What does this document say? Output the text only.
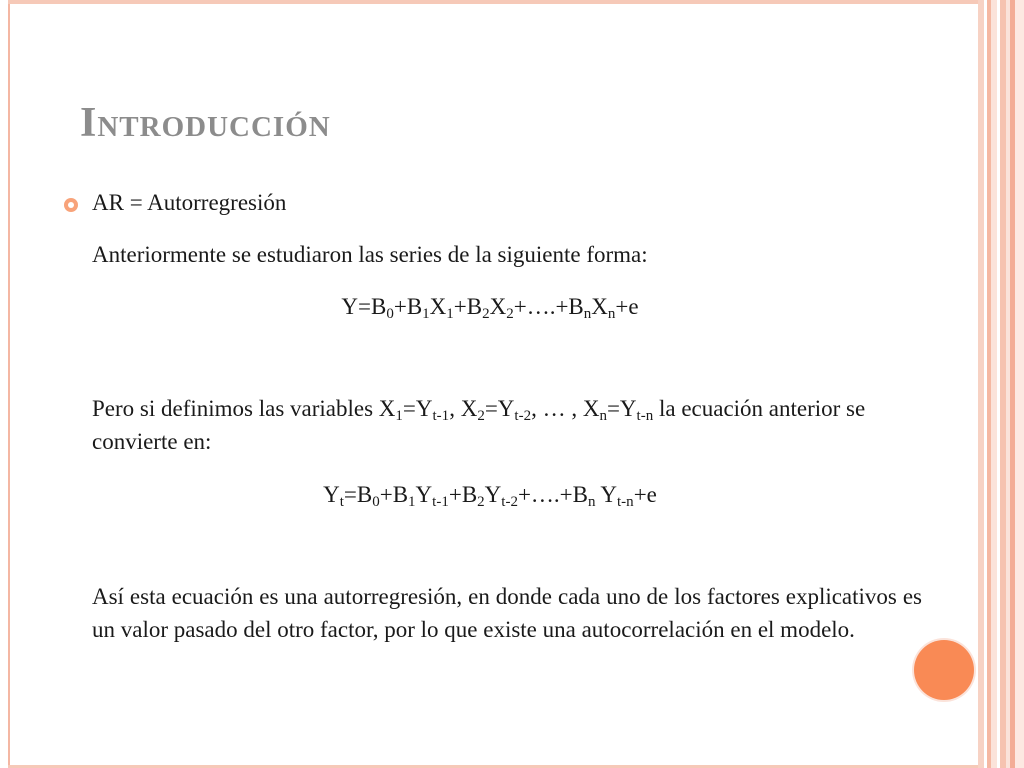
Introducción

AR = Autorregresión

Anteriormente se estudiaron las series de la siguiente forma:

$Y=B_0+B_1X_1+B_2X_2+\dots.+B_nX_n+e$
Pero si definimos las variables $X_1=Y_{t-1}$, $X_2=Y_{t-2}$, … , $X_n=Y_{t-n}$ la ecuación anterior se convierte en:
$Y_t=B_0+B_1Y_{t-1}+B_2Y_{t-2}+\dots.+B_n$ $Y_{t-n}+e$

Así esta ecuación es una autorregresión, en donde cada uno de los factores explicativos es un valor pasado del otro factor, por lo que existe una autocorrelación en el modelo.
